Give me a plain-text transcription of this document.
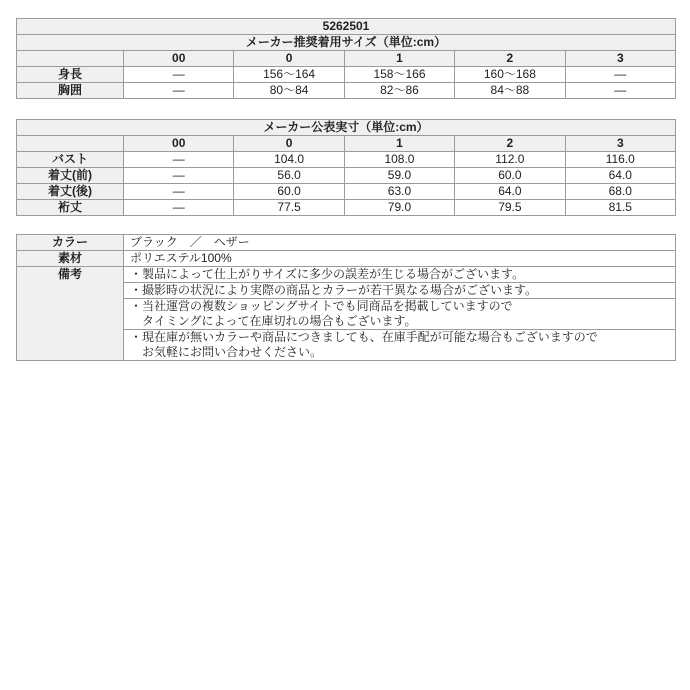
5262501					
メーカー推奨着用サイズ（単位:cm）					
	00	0	1	2	3
身長	―	156～164	158～166	160～168	―
胸囲	―	80～84	82～86	84～88	―
メーカー公表実寸（単位:cm）					
	00	0	1	2	3
バスト	―	104.0	108.0	112.0	116.0
着丈(前)	―	56.0	59.0	60.0	64.0
着丈(後)	―	60.0	63.0	64.0	68.0
裄丈	―	77.5	79.0	79.5	81.5
カラー	ブラック　／　ヘザー

素材	ポリエステル100%

備考	・製品によって仕上がりサイズに多少の誤差が生じる場合がございます。

	・撮影時の状況により実際の商品とカラーが若干異なる場合がございます。

	・当社運営の複数ショッピングサイトでも同商品を掲載していますので
タイミングによって在庫切れの場合もございます。

	・現在庫が無いカラーや商品につきましても、在庫手配が可能な場合もございますので
お気軽にお問い合わせください。
